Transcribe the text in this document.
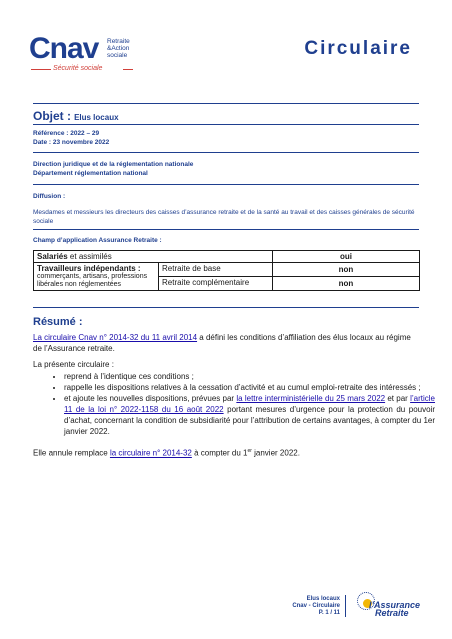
Cnav Retraite
&Action
sociale
Sécurité sociale
Circulaire
Objet : Elus locaux
Référence : 2022 – 29
Date : 23 novembre 2022
Direction juridique et de la réglementation nationale
Département réglementation national
Diffusion :
Mesdames et messieurs les directeurs des caisses d’assurance retraite et de la santé au travail et des caisses générales de sécurité sociale
Champ d’application Assurance Retraite :
Salariés et assimilés		oui

Travailleurs indépendants :
commerçants, artisans, professions libérales non réglementées	Retraite de base	non
	Retraite complémentaire	non
Résumé :
La circulaire Cnav n° 2014-32 du 11 avril 2014 a défini les conditions d’affiliation des élus locaux au régime de l’Assurance retraite.
La présente circulaire :
• reprend à l’identique ces conditions ;
• rappelle les dispositions relatives à la cessation d’activité et au cumul emploi-retraite des intéressés ;
• et ajoute les nouvelles dispositions, prévues par la lettre interministérielle du 25 mars 2022 et par l’article 11 de la loi n° 2022-1158 du 16 août 2022 portant mesures d’urgence pour la protection du pouvoir d’achat, concernant la condition de subsidiarité pour l’attribution de certains avantages, à compter du 1er janvier 2022.
Elle annule remplace la circulaire n° 2014-32 à compter du 1er janvier 2022.
Elus locaux
Cnav - Circulaire
P. 1 / 11
l’Assurance
Retraite
